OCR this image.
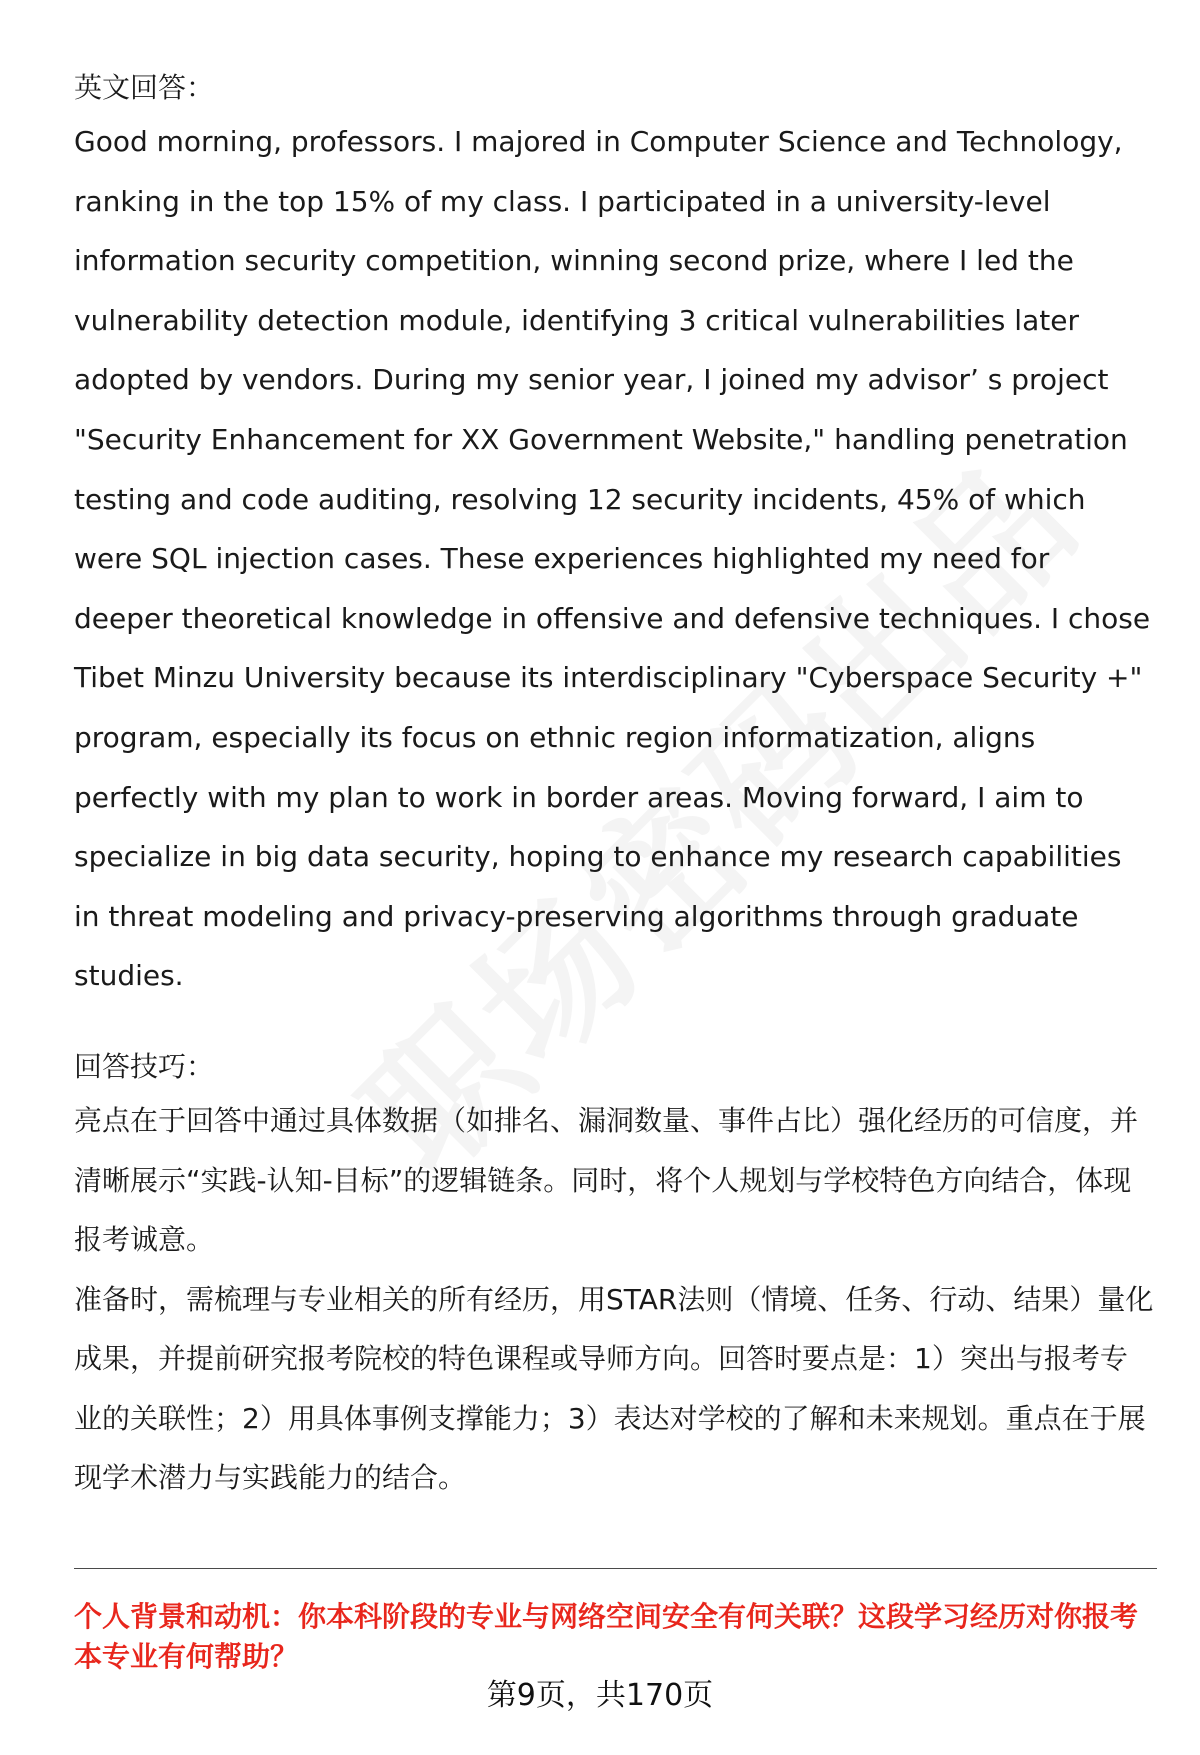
英文回答：

Good morning, professors. I majored in Computer Science and Technology, ranking in the top 15% of my class. I participated in a university-level information security competition, winning second prize, where I led the vulnerability detection module, identifying 3 critical vulnerabilities later adopted by vendors. During my senior year, I joined my advisor’ s project "Security Enhancement for XX Government Website," handling penetration testing and code auditing, resolving 12 security incidents, 45% of which were SQL injection cases. These experiences highlighted my need for deeper theoretical knowledge in offensive and defensive techniques. I chose Tibet Minzu University because its interdisciplinary "Cyberspace Security +" program, especially its focus on ethnic region informatization, aligns perfectly with my plan to work in border areas. Moving forward, I aim to specialize in big data security, hoping to enhance my research capabilities in threat modeling and privacy-preserving algorithms through graduate studies.

回答技巧：

亮点在于回答中通过具体数据（如排名、漏洞数量、事件占比）强化经历的可信度，并清晰展示“实践-认知-目标”的逻辑链条。同时，将个人规划与学校特色方向结合，体现报考诚意。

准备时，需梳理与专业相关的所有经历，用STAR法则（情境、任务、行动、结果）量化成果，并提前研究报考院校的特色课程或导师方向。回答时要点是：1）突出与报考专业的关联性；2）用具体事例支撑能力；3）表达对学校的了解和未来规划。重点在于展现学术潜力与实践能力的结合。

个人背景和动机：你本科阶段的专业与网络空间安全有何关联？这段学习经历对你报考本专业有何帮助？

第9页，共170页
